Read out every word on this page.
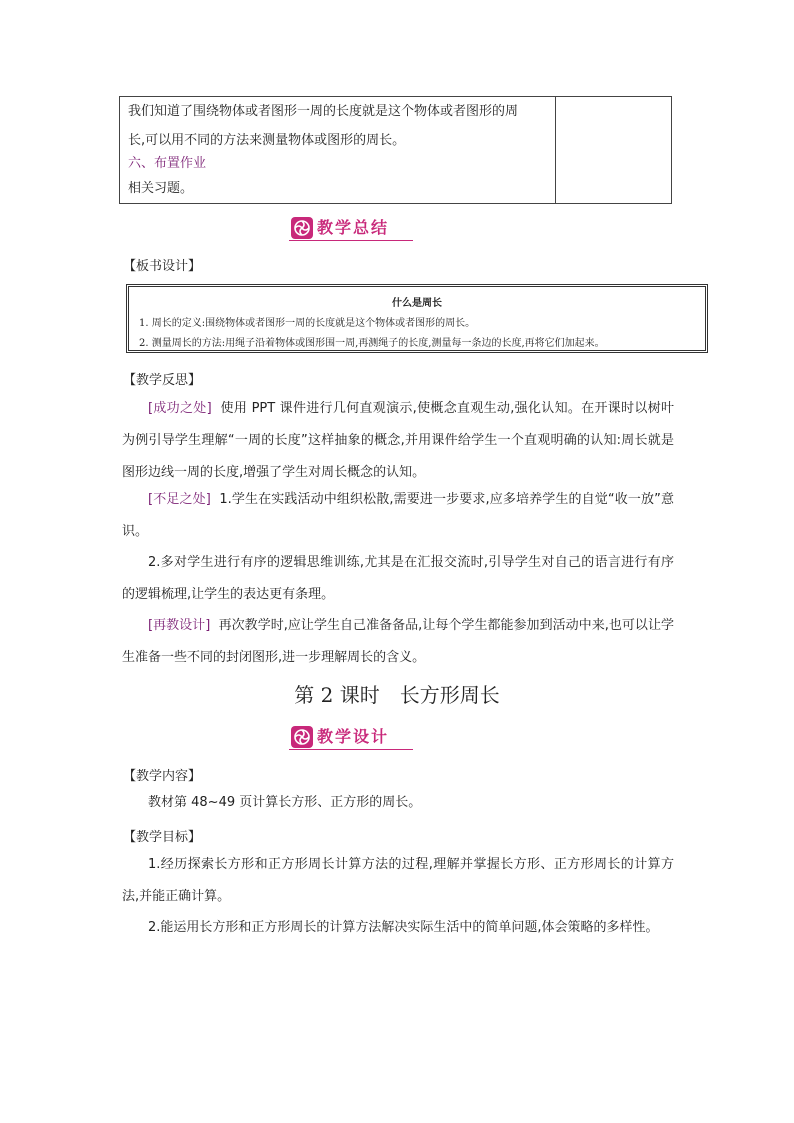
我们知道了围绕物体或者图形一周的长度就是这个物体或者图形的周
长,可以用不同的方法来测量物体或图形的周长。
六、布置作业
相关习题。
教学总结
【板书设计】
什么是周长
1. 周长的定义:围绕物体或者图形一周的长度就是这个物体或者图形的周长。
2. 测量周长的方法:用绳子沿着物体或图形围一周,再测绳子的长度,测量每一条边的长度,再将它们加起来。
【教学反思】
[成功之处] 使用 PPT 课件进行几何直观演示,使概念直观生动,强化认知。在开课时以树叶为例引导学生理解“一周的长度”这样抽象的概念,并用课件给学生一个直观明确的认知:周长就是图形边线一周的长度,增强了学生对周长概念的认知。
[不足之处] 1.学生在实践活动中组织松散,需要进一步要求,应多培养学生的自觉“收一放”意识。
2.多对学生进行有序的逻辑思维训练,尤其是在汇报交流时,引导学生对自己的语言进行有序的逻辑梳理,让学生的表达更有条理。
[再教设计] 再次教学时,应让学生自己准备备品,让每个学生都能参加到活动中来,也可以让学生准备一些不同的封闭图形,进一步理解周长的含义。
第 2 课时　长方形周长
教学设计
【教学内容】
教材第 48~49 页计算长方形、正方形的周长。
【教学目标】
1.经历探索长方形和正方形周长计算方法的过程,理解并掌握长方形、正方形周长的计算方法,并能正确计算。
2.能运用长方形和正方形周长的计算方法解决实际生活中的简单问题,体会策略的多样性。
